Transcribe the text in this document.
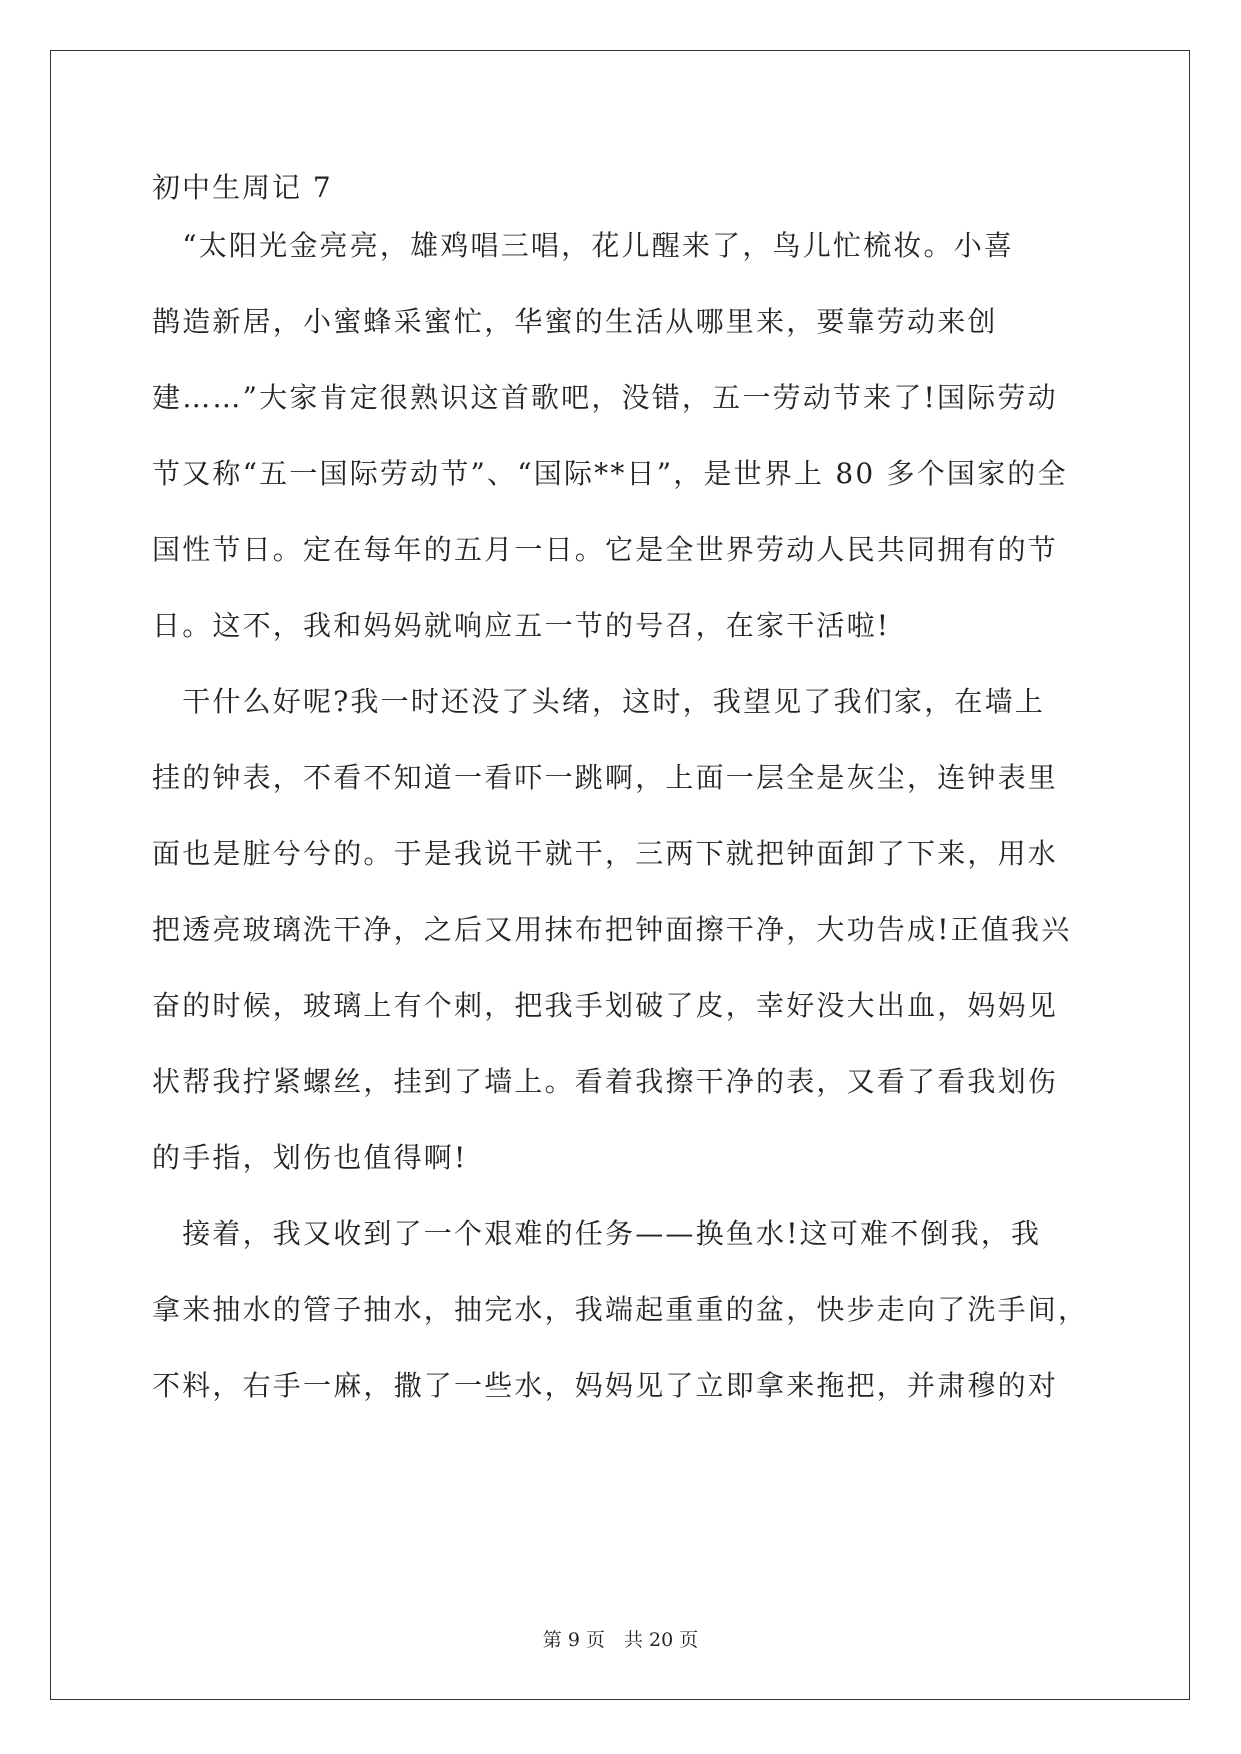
初中生周记 7
　“太阳光金亮亮，雄鸡唱三唱，花儿醒来了，鸟儿忙梳妆。小喜
鹊造新居，小蜜蜂采蜜忙，华蜜的生活从哪里来，要靠劳动来创
建……”大家肯定很熟识这首歌吧，没错，五一劳动节来了!国际劳动
节又称“五一国际劳动节”、“国际**日”，是世界上 80 多个国家的全
国性节日。定在每年的五月一日。它是全世界劳动人民共同拥有的节
日。这不，我和妈妈就响应五一节的号召，在家干活啦!
　干什么好呢?我一时还没了头绪，这时，我望见了我们家，在墙上
挂的钟表，不看不知道一看吓一跳啊，上面一层全是灰尘，连钟表里
面也是脏兮兮的。于是我说干就干，三两下就把钟面卸了下来，用水
把透亮玻璃洗干净，之后又用抹布把钟面擦干净，大功告成!正值我兴
奋的时候，玻璃上有个刺，把我手划破了皮，幸好没大出血，妈妈见
状帮我拧紧螺丝，挂到了墙上。看着我擦干净的表，又看了看我划伤
的手指，划伤也值得啊!
　接着，我又收到了一个艰难的任务——换鱼水!这可难不倒我，我
拿来抽水的管子抽水，抽完水，我端起重重的盆，快步走向了洗手间，
不料，右手一麻，撒了一些水，妈妈见了立即拿来拖把，并肃穆的对
第 9 页　共 20 页
